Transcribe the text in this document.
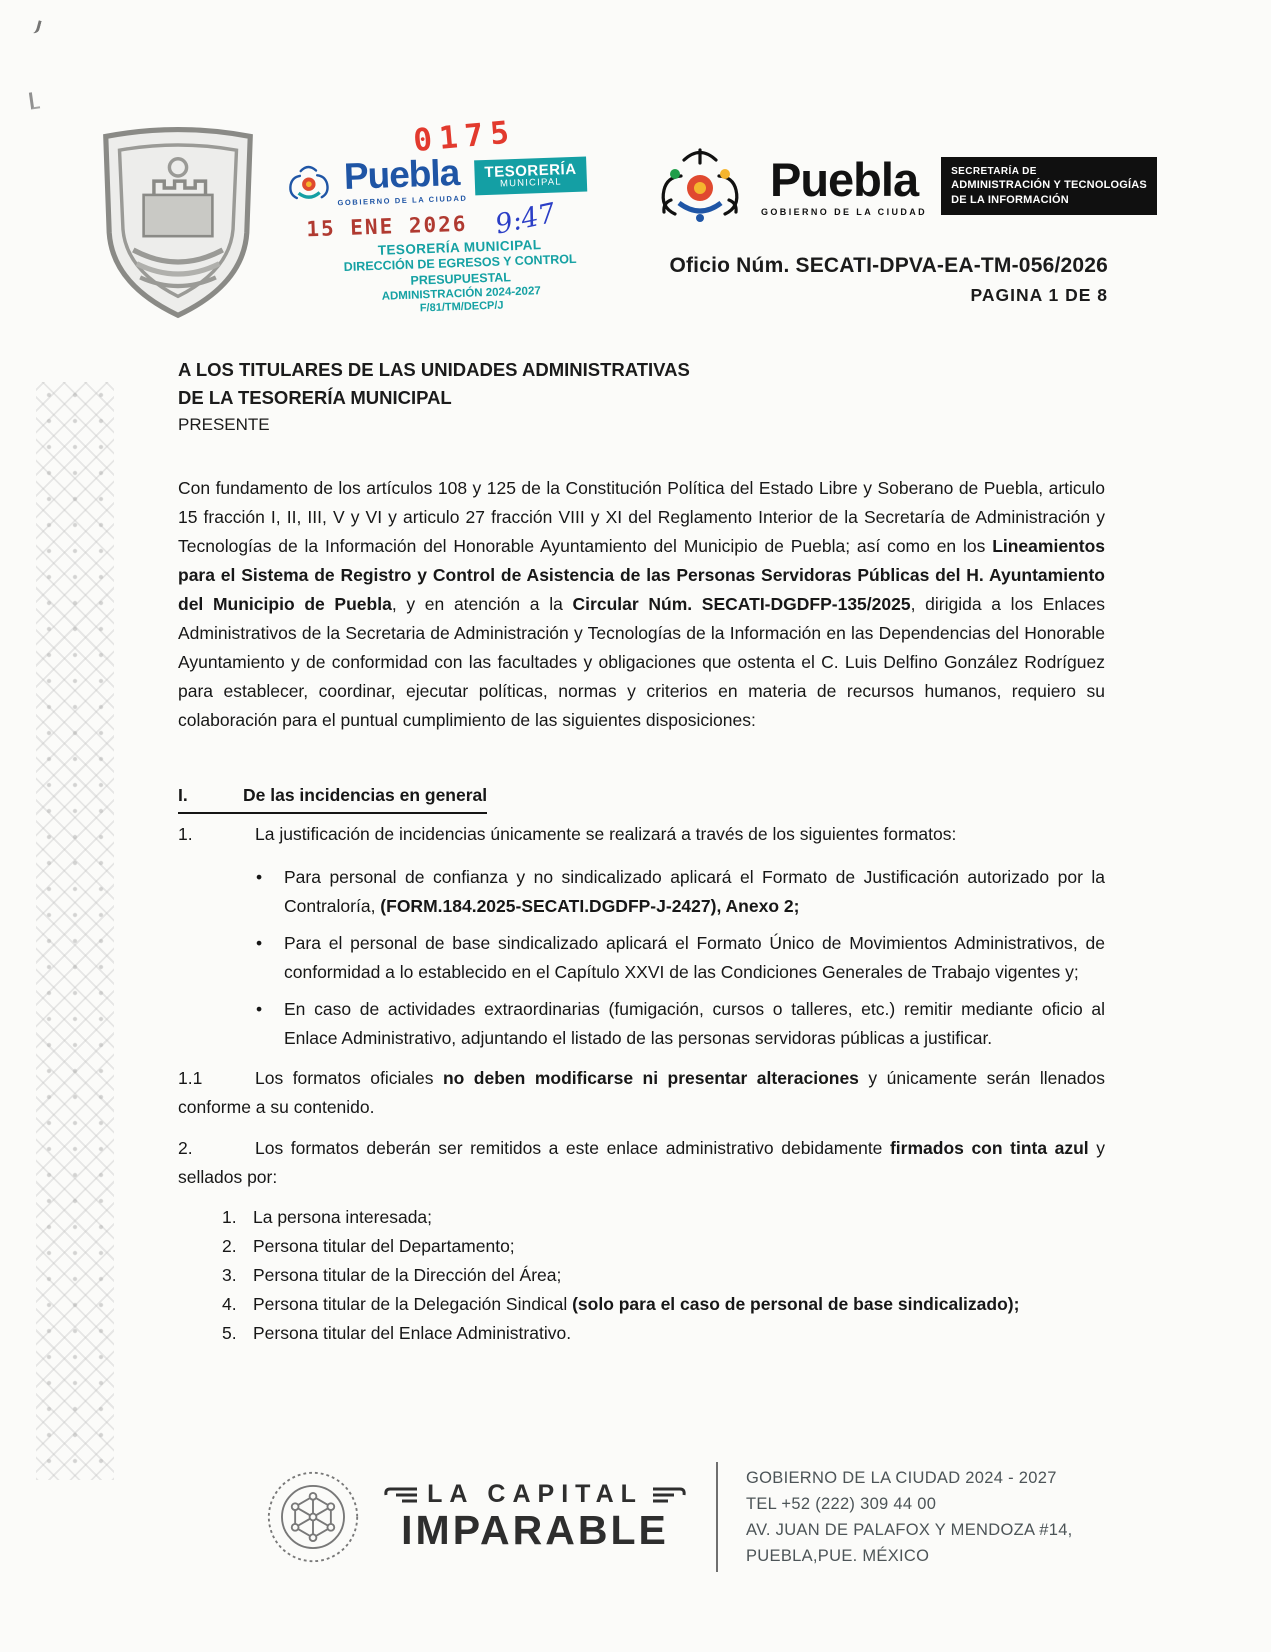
0175
Puebla
GOBIERNO DE LA CIUDAD
TESORERÍA
MUNICIPAL
15 ENE 2026 9:47
TESORERÍA MUNICIPAL
DIRECCIÓN DE EGRESOS Y CONTROL
PRESUPUESTAL
ADMINISTRACIÓN 2024-2027
F/81/TM/DECP/J
Puebla
GOBIERNO DE LA CIUDAD
SECRETARÍA DE
ADMINISTRACIÓN Y TECNOLOGÍAS
DE LA INFORMACIÓN
Oficio Núm. SECATI-DPVA-EA-TM-056/2026
PAGINA 1 DE 8
A LOS TITULARES DE LAS UNIDADES ADMINISTRATIVAS
DE LA TESORERÍA MUNICIPAL
PRESENTE

Con fundamento de los artículos 108 y 125 de la Constitución Política del Estado Libre y Soberano de Puebla, articulo 15 fracción I, II, III, V y VI y articulo 27 fracción VIII y XI del Reglamento Interior de la Secretaría de Administración y Tecnologías de la Información del Honorable Ayuntamiento del Municipio de Puebla; así como en los Lineamientos para el Sistema de Registro y Control de Asistencia de las Personas Servidoras Públicas del H. Ayuntamiento del Municipio de Puebla, y en atención a la Circular Núm. SECATI-DGDFP-135/2025, dirigida a los Enlaces Administrativos de la Secretaria de Administración y Tecnologías de la Información en las Dependencias del Honorable Ayuntamiento y de conformidad con las facultades y obligaciones que ostenta el C. Luis Delfino González Rodríguez para establecer, coordinar, ejecutar políticas, normas y criterios en materia de recursos humanos, requiero su colaboración para el puntual cumplimiento de las siguientes disposiciones:

I.	De las incidencias en general

1.	La justificación de incidencias únicamente se realizará a través de los siguientes formatos:

•
Para personal de confianza y no sindicalizado aplicará el Formato de Justificación autorizado por la Contraloría, (FORM.184.2025-SECATI.DGDFP-J-2427), Anexo 2;
•
Para el personal de base sindicalizado aplicará el Formato Único de Movimientos Administrativos, de conformidad a lo establecido en el Capítulo XXVI de las Condiciones Generales de Trabajo vigentes y;
•
En caso de actividades extraordinarias (fumigación, cursos o talleres, etc.) remitir mediante oficio al Enlace Administrativo, adjuntando el listado de las personas servidoras públicas a justificar.

1.1	Los formatos oficiales no deben modificarse ni presentar alteraciones y únicamente serán llenados conforme a su contenido.

2.	Los formatos deberán ser remitidos a este enlace administrativo debidamente firmados con tinta azul y sellados por:

1. La persona interesada;
2. Persona titular del Departamento;
3. Persona titular de la Dirección del Área;
4. Persona titular de la Delegación Sindical (solo para el caso de personal de base sindicalizado);
5. Persona titular del Enlace Administrativo.
LA CAPITAL
IMPARABLE
GOBIERNO DE LA CIUDAD 2024 - 2027
TEL +52 (222) 309 44 00
AV. JUAN DE PALAFOX Y MENDOZA #14,
PUEBLA,PUE. MÉXICO
